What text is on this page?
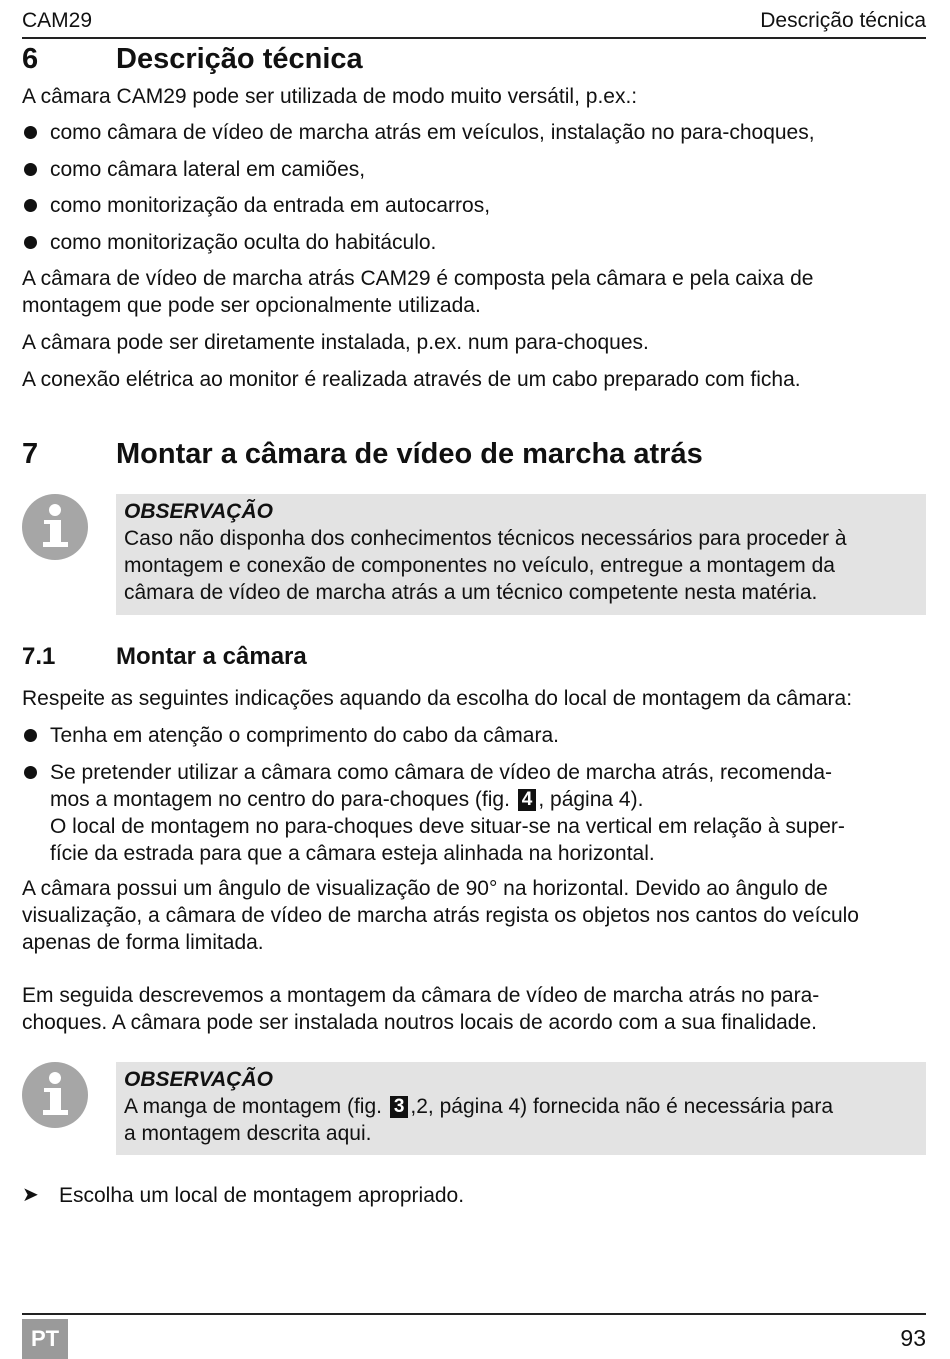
CAM29	Descrição técnica
6	Descrição técnica
A câmara CAM29 pode ser utilizada de modo muito versátil, p.ex.:
como câmara de vídeo de marcha atrás em veículos, instalação no para-choques,
como câmara lateral em camiões,
como monitorização da entrada em autocarros,
como monitorização oculta do habitáculo.
A câmara de vídeo de marcha atrás CAM29 é composta pela câmara e pela caixa de
montagem que pode ser opcionalmente utilizada.
A câmara pode ser diretamente instalada, p.ex. num para-choques.
A conexão elétrica ao monitor é realizada através de um cabo preparado com ficha.
7	Montar a câmara de vídeo de marcha atrás
OBSERVAÇÃO
Caso não disponha dos conhecimentos técnicos necessários para proceder à
montagem e conexão de componentes no veículo, entregue a montagem da
câmara de vídeo de marcha atrás a um técnico competente nesta matéria.
7.1	Montar a câmara
Respeite as seguintes indicações aquando da escolha do local de montagem da câmara:
Tenha em atenção o comprimento do cabo da câmara.
Se pretender utilizar a câmara como câmara de vídeo de marcha atrás, recomenda-
mos a montagem no centro do para-choques (fig. 4 , página 4).
O local de montagem no para-choques deve situar-se na vertical em relação à super-
fície da estrada para que a câmara esteja alinhada na horizontal.
A câmara possui um ângulo de visualização de 90° na horizontal. Devido ao ângulo de
visualização, a câmara de vídeo de marcha atrás regista os objetos nos cantos do veículo
apenas de forma limitada.
Em seguida descrevemos a montagem da câmara de vídeo de marcha atrás no para-
choques. A câmara pode ser instalada noutros locais de acordo com a sua finalidade.
OBSERVAÇÃO
A manga de montagem (fig. 3 ,2, página 4) fornecida não é necessária para
a montagem descrita aqui.
➤ Escolha um local de montagem apropriado.
PT	93
